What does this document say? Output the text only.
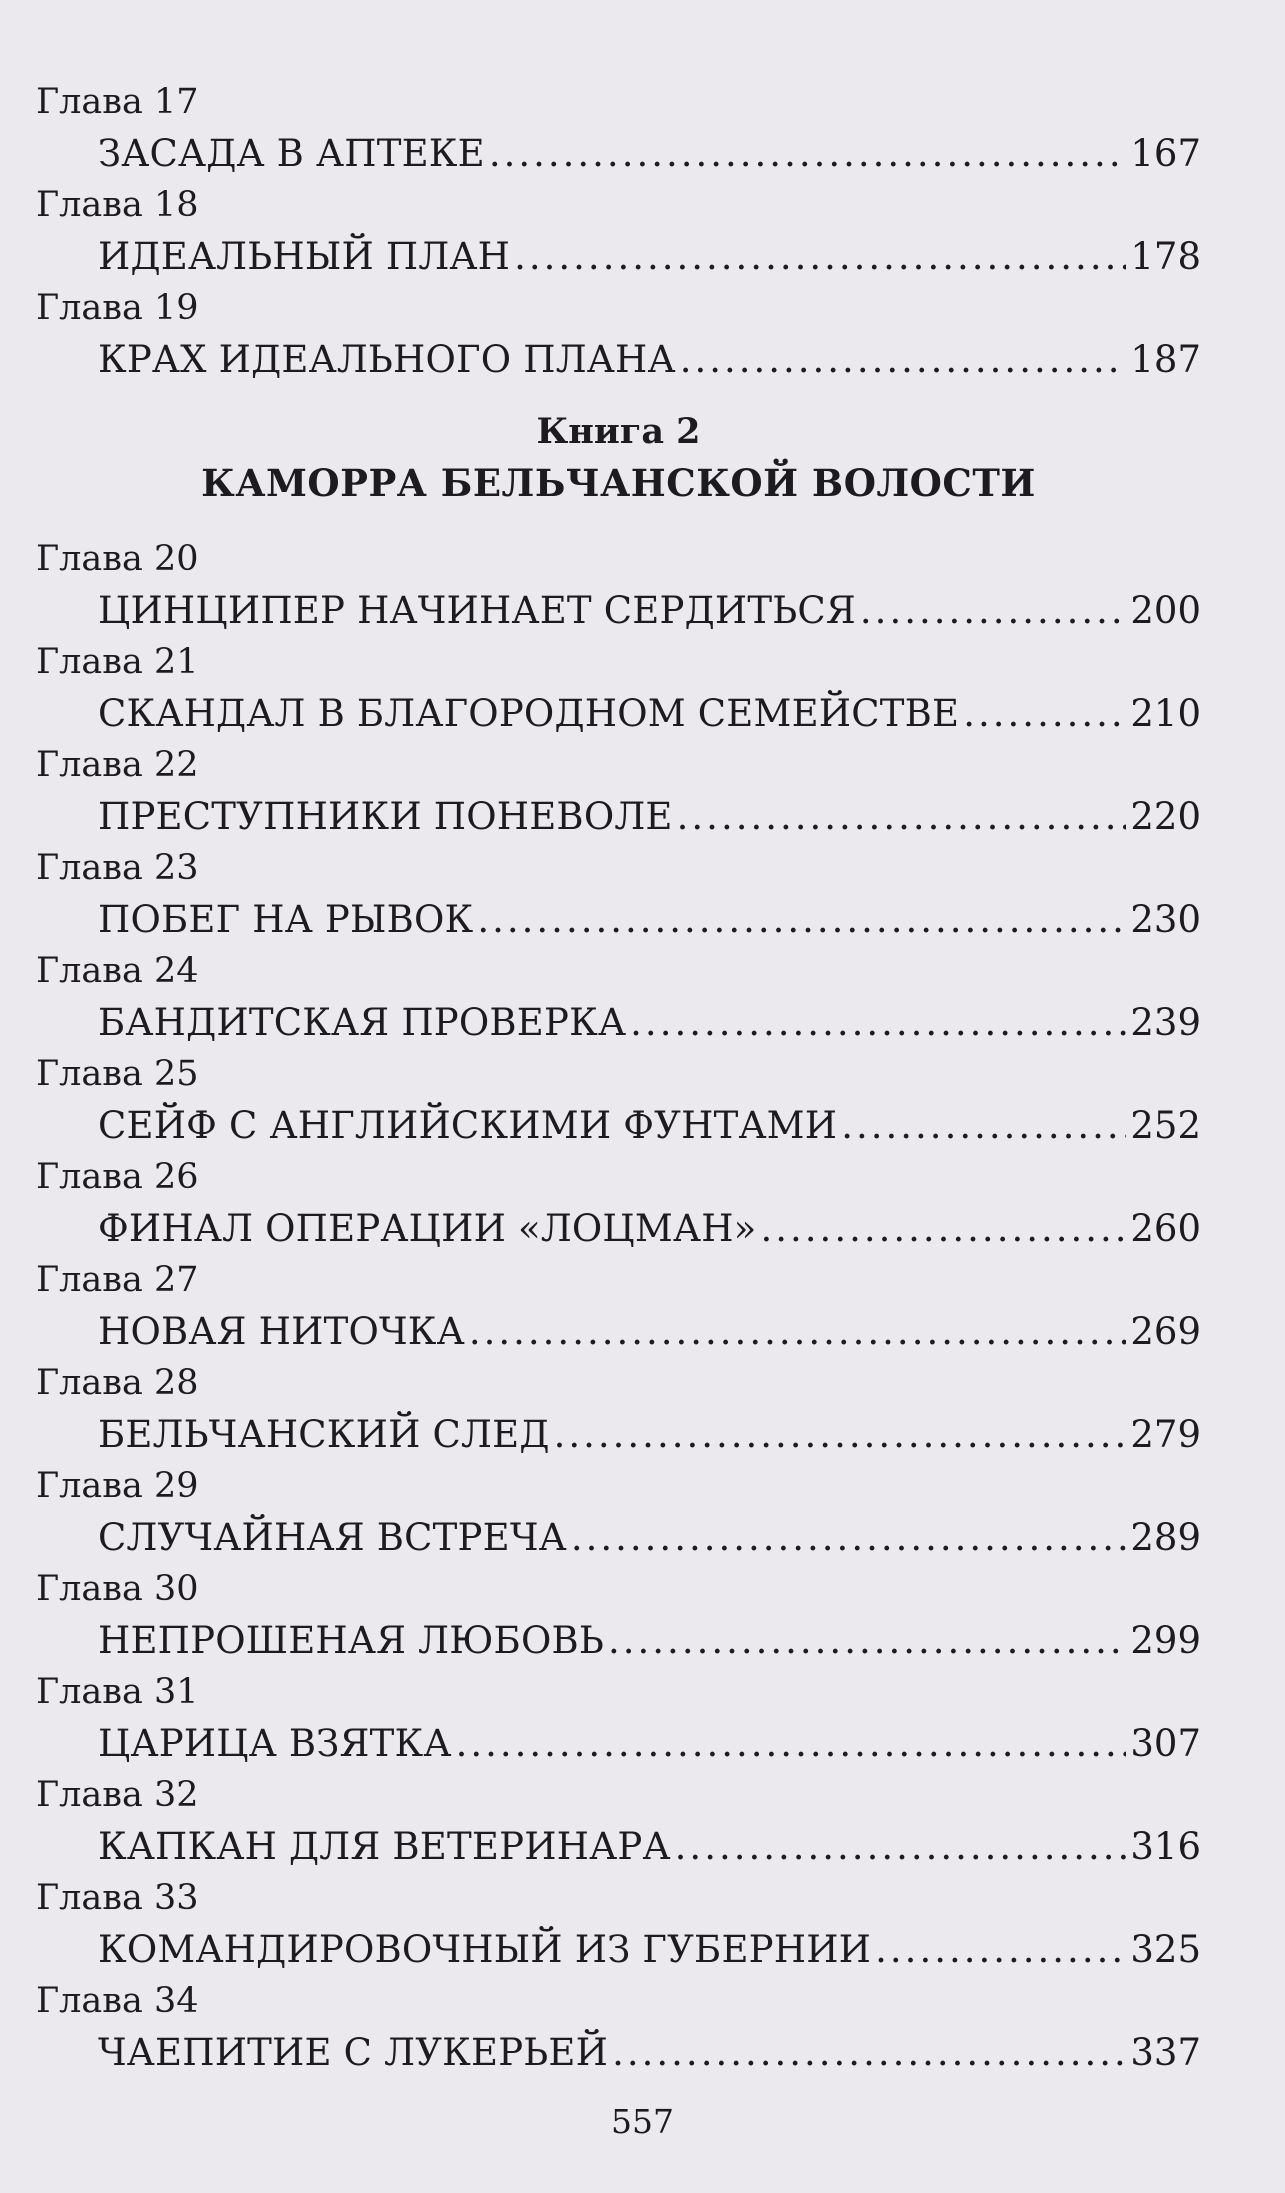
Глава 17
ЗАСАДА В АПТЕКЕ .....	167
Глава 18
ИДЕАЛЬНЫЙ ПЛАН .....	178
Глава 19
КРАХ ИДЕАЛЬНОГО ПЛАНА .....	187
Книга 2
КАМОРРА БЕЛЬЧАНСКОЙ ВОЛОСТИ
Глава 20
ЦИНЦИПЕР НАЧИНАЕТ СЕРДИТЬСЯ .....	200
Глава 21
СКАНДАЛ В БЛАГОРОДНОМ СЕМЕЙСТВЕ .....	210
Глава 22
ПРЕСТУПНИКИ ПОНЕВОЛЕ .....	220
Глава 23
ПОБЕГ НА РЫВОК .....	230
Глава 24
БАНДИТСКАЯ ПРОВЕРКА .....	239
Глава 25
СЕЙФ С АНГЛИЙСКИМИ ФУНТАМИ .....	252
Глава 26
ФИНАЛ ОПЕРАЦИИ «ЛОЦМАН» .....	260
Глава 27
НОВАЯ НИТОЧКА .....	269
Глава 28
БЕЛЬЧАНСКИЙ СЛЕД .....	279
Глава 29
СЛУЧАЙНАЯ ВСТРЕЧА .....	289
Глава 30
НЕПРОШЕНАЯ ЛЮБОВЬ .....	299
Глава 31
ЦАРИЦА ВЗЯТКА .....	307
Глава 32
КАПКАН ДЛЯ ВЕТЕРИНАРА .....	316
Глава 33
КОМАНДИРОВОЧНЫЙ ИЗ ГУБЕРНИИ .....	325
Глава 34
ЧАЕПИТИЕ С ЛУКЕРЬЕЙ .....	337
557
